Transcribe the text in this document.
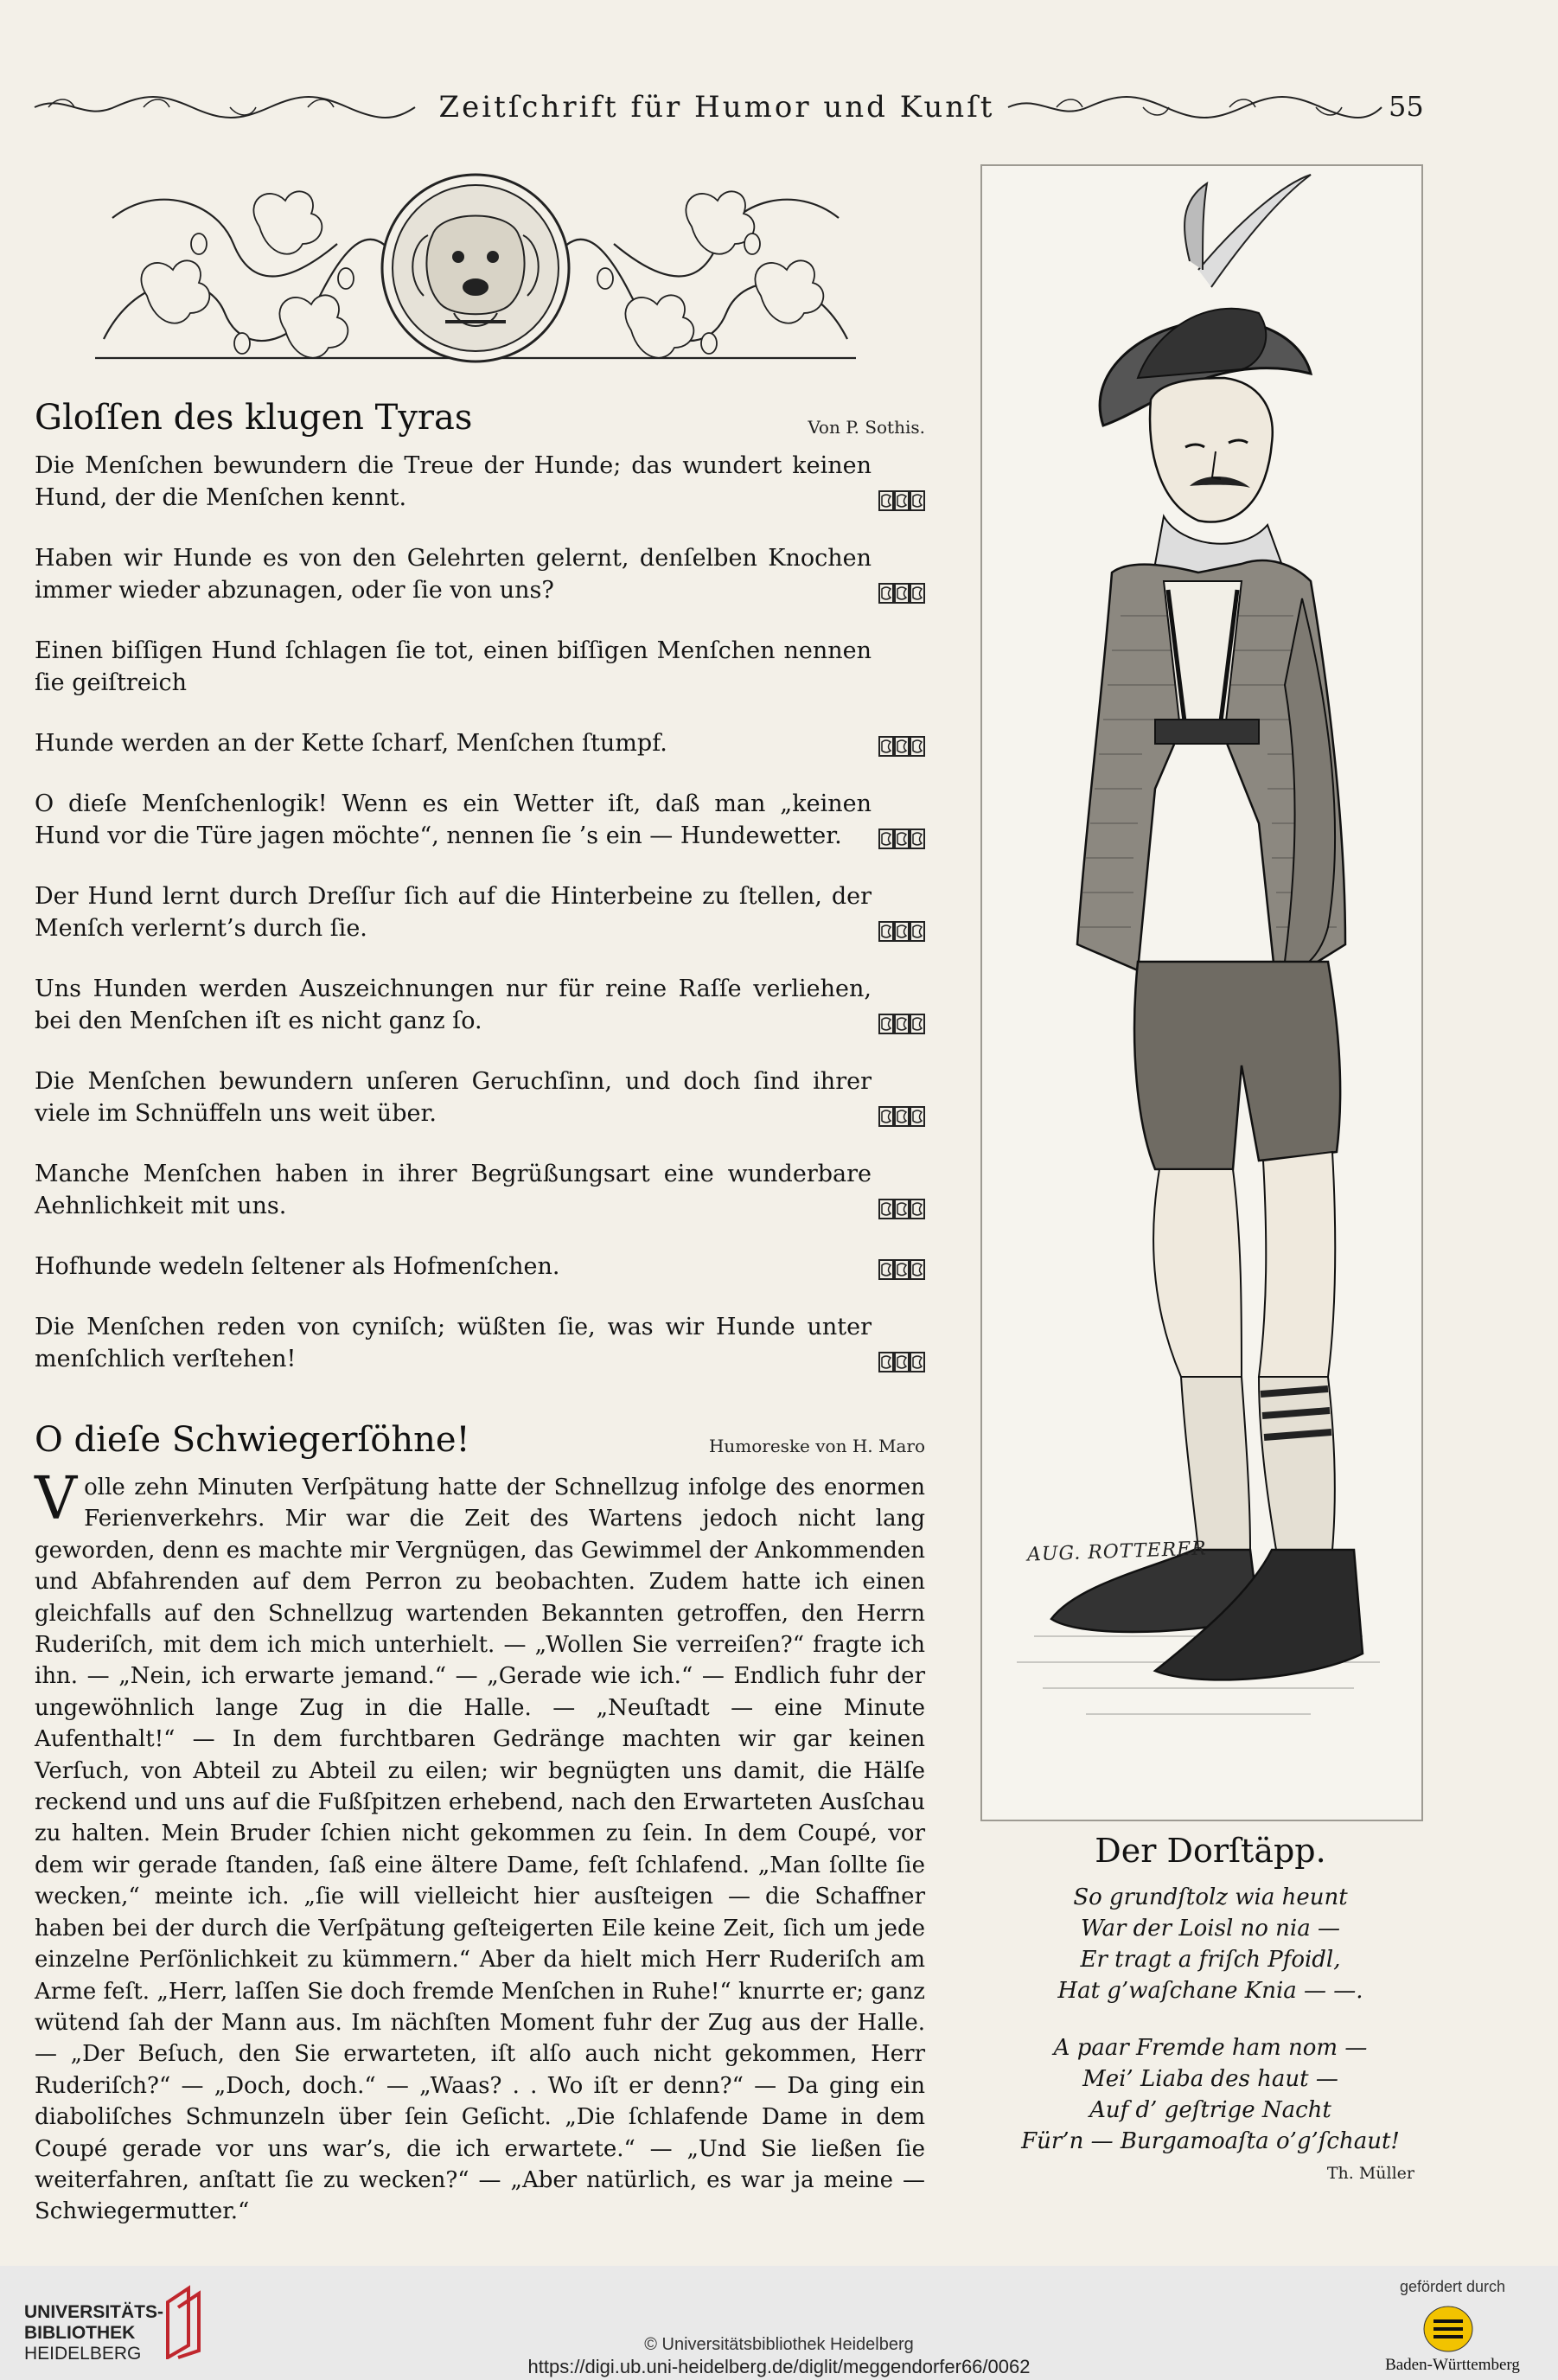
Zeitſchrift für Humor und Kunſt	55
Gloſſen des klugen Tyras	Von P. Sothis.
Die Menſchen bewundern die Treue der Hunde; das wundert keinen Hund, der die Menſchen kennt.
Haben wir Hunde es von den Gelehrten gelernt, denſelben Knochen immer wieder abzunagen, oder ſie von uns?
Einen biſſigen Hund ſchlagen ſie tot, einen biſſigen Menſchen nennen ſie geiſtreich
Hunde werden an der Kette ſcharf, Menſchen ſtumpf.
O dieſe Menſchenlogik! Wenn es ein Wetter iſt, daß man „keinen Hund vor die Türe jagen möchte“, nennen ſie ’s ein — Hundewetter.
Der Hund lernt durch Dreſſur ſich auf die Hinterbeine zu ſtellen, der Menſch verlernt’s durch ſie.
Uns Hunden werden Auszeichnungen nur für reine Raſſe verliehen, bei den Menſchen iſt es nicht ganz ſo.
Die Menſchen bewundern unſeren Geruchſinn, und doch ſind ihrer viele im Schnüffeln uns weit über.
Manche Menſchen haben in ihrer Begrüßungsart eine wunderbare Aehnlichkeit mit uns.
Hofhunde wedeln ſeltener als Hofmenſchen.
Die Menſchen reden von cyniſch; wüßten ſie, was wir Hunde unter menſchlich verſtehen!
O dieſe Schwiegerſöhne!	Humoreske von H. Maro
Volle zehn Minuten Verſpätung hatte der Schnellzug infolge des enormen Ferienverkehrs. Mir war die Zeit des Wartens jedoch nicht lang geworden, denn es machte mir Vergnügen, das Gewimmel der Ankommenden und Abfahrenden auf dem Perron zu beobachten. Zudem hatte ich einen gleichfalls auf den Schnellzug wartenden Bekannten getroffen, den Herrn Ruderiſch, mit dem ich mich unterhielt. — „Wollen Sie verreiſen?“ fragte ich ihn. — „Nein, ich erwarte jemand.“ — „Gerade wie ich.“ — Endlich fuhr der ungewöhnlich lange Zug in die Halle. — „Neuſtadt — eine Minute Aufenthalt!“ — In dem furchtbaren Gedränge machten wir gar keinen Verſuch, von Abteil zu Abteil zu eilen; wir begnügten uns damit, die Hälſe reckend und uns auf die Fußſpitzen erhebend, nach den Erwarteten Ausſchau zu halten. Mein Bruder ſchien nicht gekommen zu ſein. In dem Coupé, vor dem wir gerade ſtanden, ſaß eine ältere Dame, feſt ſchlafend. „Man ſollte ſie wecken,“ meinte ich. „ſie will vielleicht hier ausſteigen — die Schaffner haben bei der durch die Verſpätung geſteigerten Eile keine Zeit, ſich um jede einzelne Perſönlichkeit zu kümmern.“ Aber da hielt mich Herr Ruderiſch am Arme feſt. „Herr, laſſen Sie doch fremde Menſchen in Ruhe!“ knurrte er; ganz wütend ſah der Mann aus. Im nächſten Moment fuhr der Zug aus der Halle. — „Der Beſuch, den Sie erwarteten, iſt alſo auch nicht gekommen, Herr Ruderiſch?“ — „Doch, doch.“ — „Waas? . . Wo iſt er denn?“ — Da ging ein diaboliſches Schmunzeln über ſein Geſicht. „Die ſchlafende Dame in dem Coupé gerade vor uns war’s, die ich erwartete.“ — „Und Sie ließen ſie weiterfahren, anſtatt ſie zu wecken?“ — „Aber natürlich, es war ja meine — Schwiegermutter.“
AUG. ROTTERER
Der Dorſtäpp.
So grundſtolz wia heunt
War der Loisl no nia —
Er tragt a friſch Pfoidl,
Hat g’waſchane Knia — —.
A paar Fremde ham nom —
Mei’ Liaba des haut —
Auf d’ geſtrige Nacht
Für’n — Burgamoaſta o’g’ſchaut!
Th. Müller
UNIVERSITÄTS-
BIBLIOTHEK
HEIDELBERG	© Universitätsbibliothek Heidelberg
https://digi.ub.uni-heidelberg.de/diglit/meggendorfer66/0062
gefördert durch
Baden-Württemberg
